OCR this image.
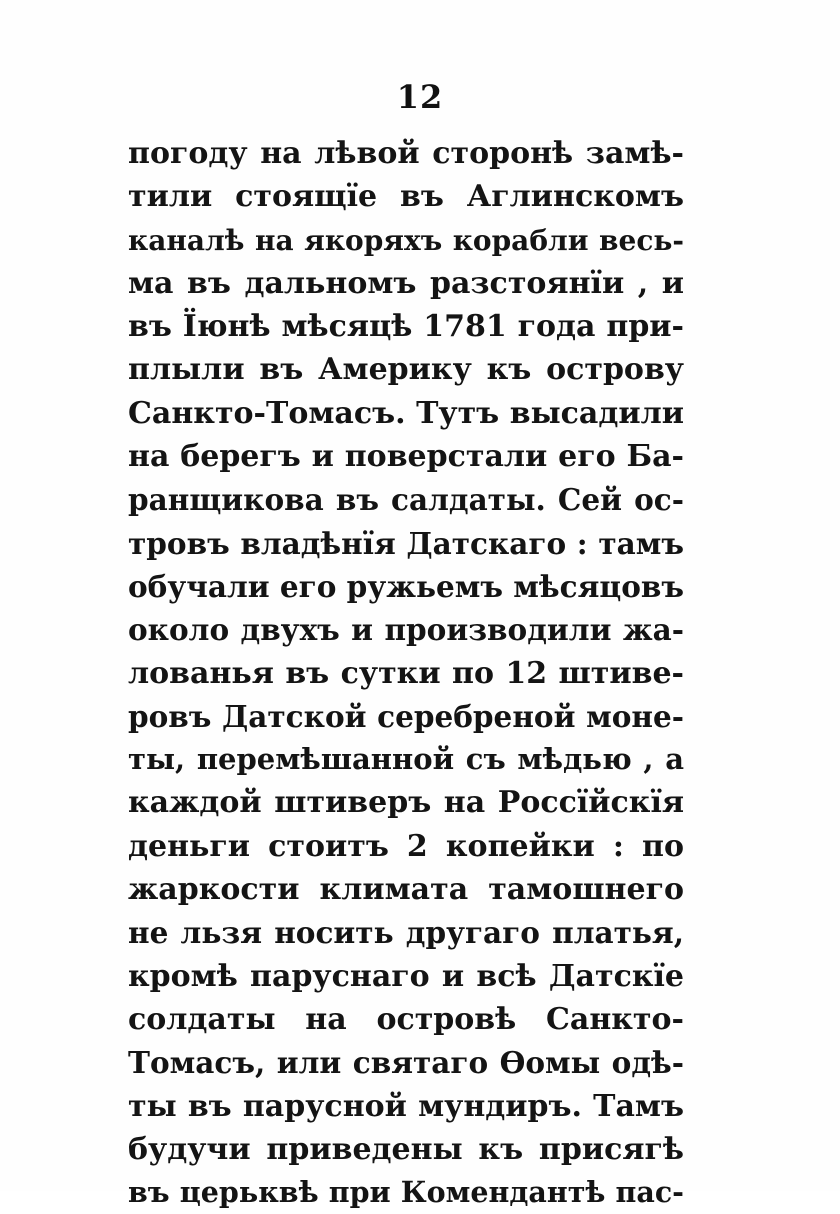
12
погоду на лѣвой сторонѣ замѣ-
тили стоящїе въ Аглинскомъ
каналѣ на якоряхъ корабли весь-
ма въ дальномъ разстоянїи , и
въ Їюнѣ мѣсяцѣ 1781 года при-
плыли въ Америку къ острову
Санкто-Томасъ. Тутъ высадили
на берегъ и поверстали его Ба-
ранщикова въ салдаты. Сей ос-
тровъ владѣнїя Датскаго : тамъ
обучали его ружьемъ мѣсяцовъ
около двухъ и производили жа-
лованья въ сутки по 12 штиве-
ровъ Датской серебреной моне-
ты, перемѣшанной съ мѣдью , а
каждой штиверъ на Россїйскїя
деньги стоитъ 2 копейки : по
жаркости климата тамошнего
не льзя носить другаго платья,
кромѣ паруснаго и всѣ Датскїе
солдаты на островѣ Санкто-
Томасъ, или святаго Ѳомы одѣ-
ты въ парусной мундиръ. Тамъ
будучи приведены къ присягѣ
въ церьквѣ при Комендантѣ пас-
